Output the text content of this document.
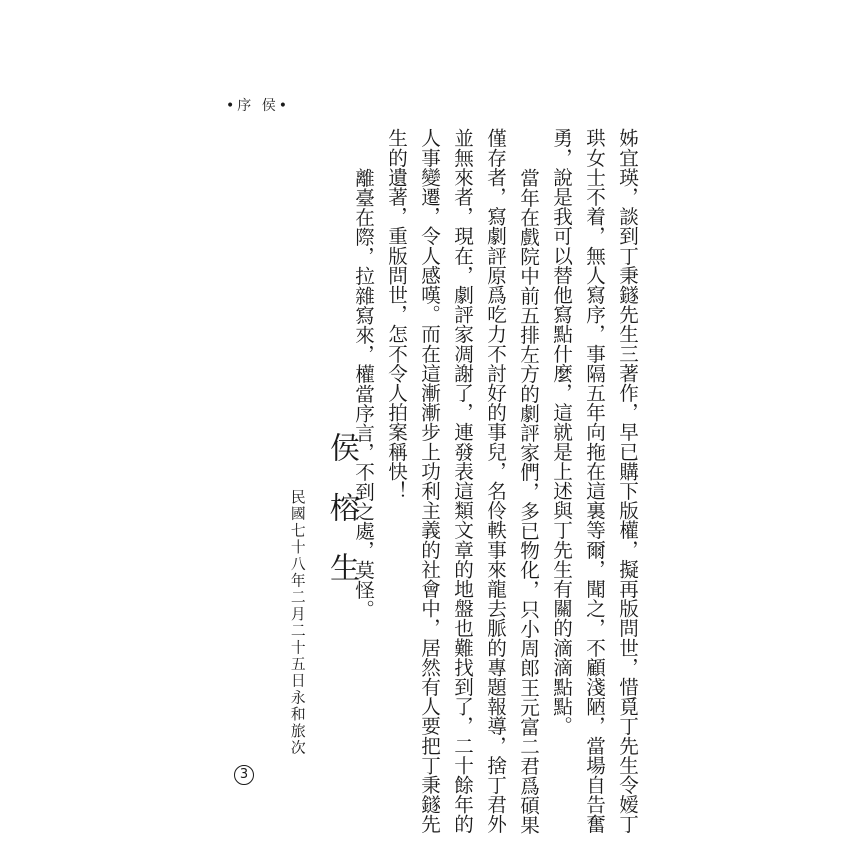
•序 侯•
姊宜瑛，談到丁秉鐩先生三著作，早已購下版權，擬再版問世，惜覓丁先生令嫒丁
珙女士不着，無人寫序，事隔五年向拖在這裏等爾，聞之，不顧淺陋，當場自告奮
勇，說是我可以替他寫點什麼，這就是上述與丁先生有關的滴滴點點。
當年在戲院中前五排左方的劇評家們，多已物化，只小周郎王元富二君爲碩果
僅存者，寫劇評原爲吃力不討好的事兒，名伶軼事來龍去脈的專題報導，捨丁君外
並無來者，現在，劇評家凋謝了，連發表這類文章的地盤也難找到了，二十餘年的
人事變遷，令人感嘆。而在這漸漸步上功利主義的社會中，居然有人要把丁秉鐩先
生的遺著，重版問世，怎不令人拍案稱快！
離臺在際，拉雜寫來，權當序言，不到之處，莫怪。
侯榕生
民國七十八年二月二十五日永和旅次
3
